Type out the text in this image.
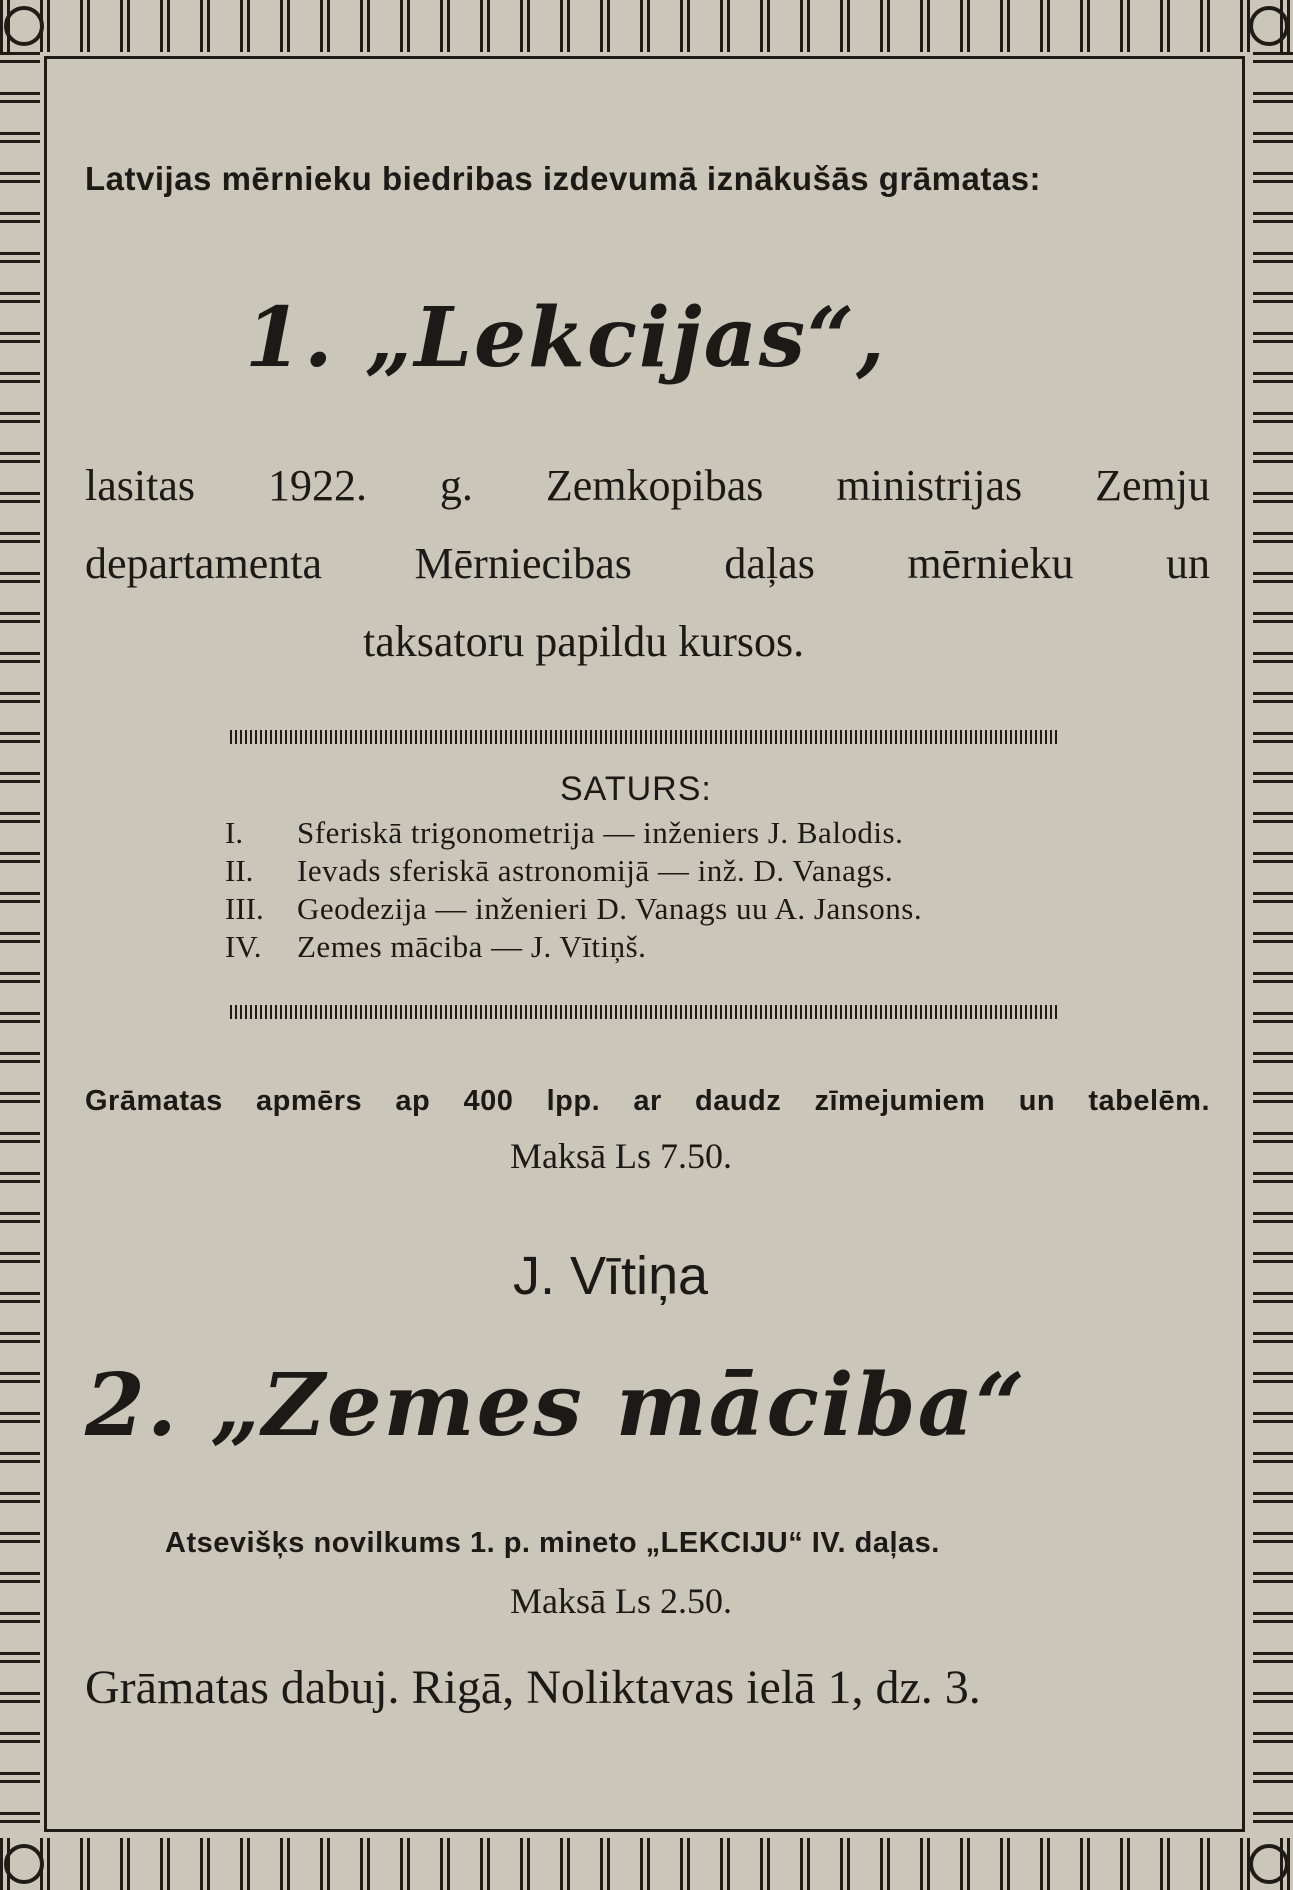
Latvijas mērnieku biedribas izdevumā iznākušās grāmatas:
1. „Lekcijas“,
lasitas 1922. g. Zemkopibas ministrijas Zemju
departamenta Mērniecibas daļas mērnieku un
taksatoru papildu kursos.
SATURS:
I.	Sferiskā trigonometrija — inženiers J. Balodis.
II.	Ievads sferiskā astronomijā — inž. D. Vanags.
III.	Geodezija — inženieri D. Vanags uu A. Jansons.
IV.	Zemes māciba — J. Vītiņš.
Grāmatas apmērs ap 400 lpp. ar daudz zīmejumiem un tabelēm.
Maksā Ls 7.50.
J. Vītiņa
2. „Zemes māciba“
Atsevišķs novilkums 1. p. mineto „LEKCIJU“ IV. daļas.
Maksā Ls 2.50.
Grāmatas dabuj. Rigā, Noliktavas ielā 1, dz. 3.
